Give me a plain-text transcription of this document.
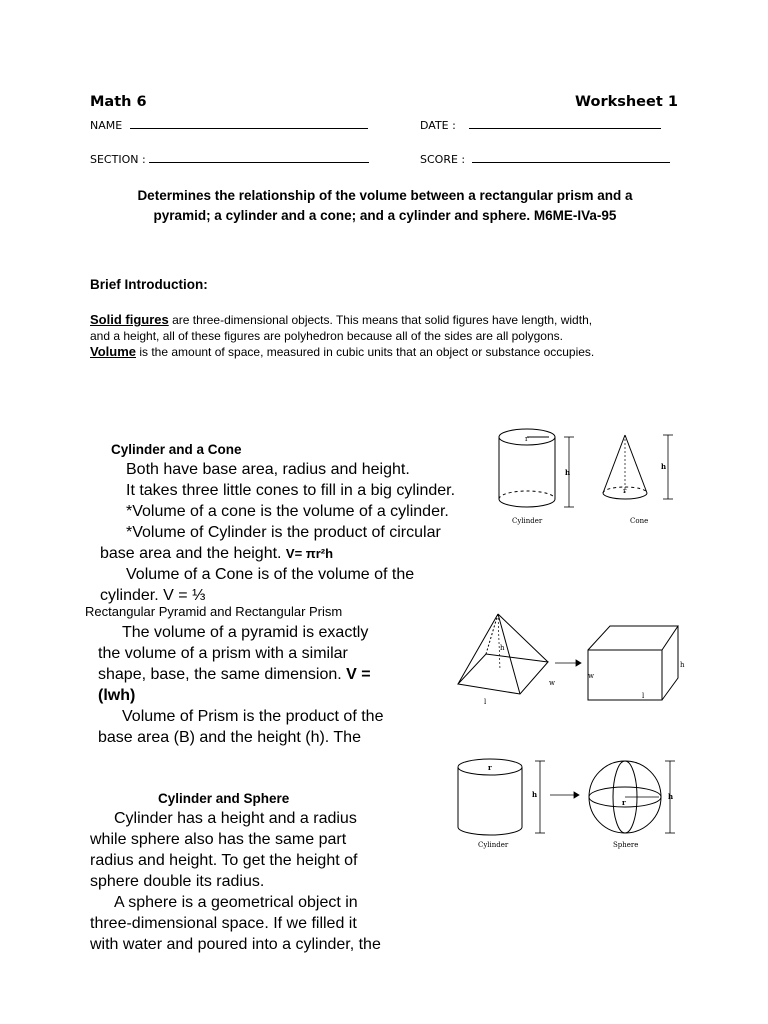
Math 6	Worksheet 1
NAME	DATE :
SECTION :	SCORE :
Determines the relationship of the volume between a rectangular prism and a
pyramid; a cylinder and a cone; and a cylinder and sphere. M6ME-IVa-95
Brief Introduction:
Solid figures are three-dimensional objects. This means that solid figures have length, width,
and a height, all of these figures are polyhedron because all of the sides are all polygons.
Volume is the amount of space, measured in cubic units that an object or substance occupies.
Cylinder and a Cone
Both have base area, radius and height.
It takes three little cones to fill in a big cylinder.
*Volume of a cone is the volume of a cylinder.
*Volume of Cylinder is the product of circular
base area and the height. V= πr²h
Volume of a Cone is of the volume of the
cylinder. V = ⅓
r
h
Cylinder
r
h
Cone
Rectangular Pyramid and Rectangular Prism
The volume of a pyramid is exactly
the volume of a prism with a similar
shape, base, the same dimension. V =
(lwh)
Volume of Prism is the product of the
base area (B) and the height (h). The
h
w
l
h
w
l
Cylinder and Sphere
Cylinder has a height and a radius
while sphere also has the same part
radius and height. To get the height of
sphere double its radius.
A sphere is a geometrical object in
three-dimensional space. If we filled it
with water and poured into a cylinder, the
r
h
Cylinder
r
h
Sphere
